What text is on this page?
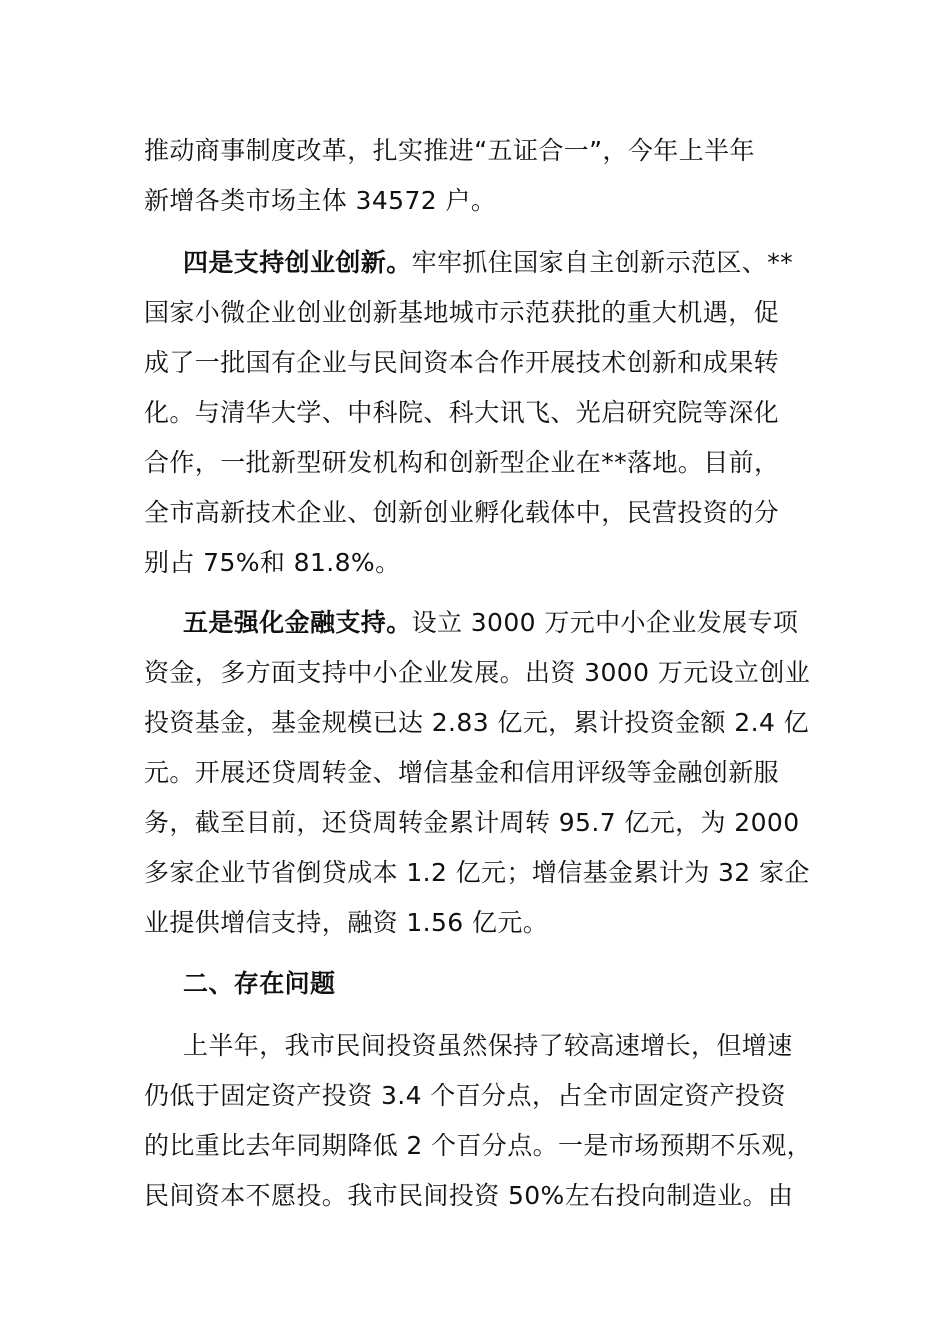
推动商事制度改革，扎实推进“五证合一”，今年上半年
新增各类市场主体 34572 户。
四是支持创业创新。牢牢抓住国家自主创新示范区、**
国家小微企业创业创新基地城市示范获批的重大机遇，促
成了一批国有企业与民间资本合作开展技术创新和成果转
化。与清华大学、中科院、科大讯飞、光启研究院等深化
合作，一批新型研发机构和创新型企业在**落地。目前，
全市高新技术企业、创新创业孵化载体中，民营投资的分
别占 75%和 81.8%。
五是强化金融支持。设立 3000 万元中小企业发展专项
资金，多方面支持中小企业发展。出资 3000 万元设立创业
投资基金，基金规模已达 2.83 亿元，累计投资金额 2.4 亿
元。开展还贷周转金、增信基金和信用评级等金融创新服
务，截至目前，还贷周转金累计周转 95.7 亿元，为 2000
多家企业节省倒贷成本 1.2 亿元；增信基金累计为 32 家企
业提供增信支持，融资 1.56 亿元。
二、存在问题
上半年，我市民间投资虽然保持了较高速增长，但增速
仍低于固定资产投资 3.4 个百分点，占全市固定资产投资
的比重比去年同期降低 2 个百分点。一是市场预期不乐观，
民间资本不愿投。我市民间投资 50%左右投向制造业。由
